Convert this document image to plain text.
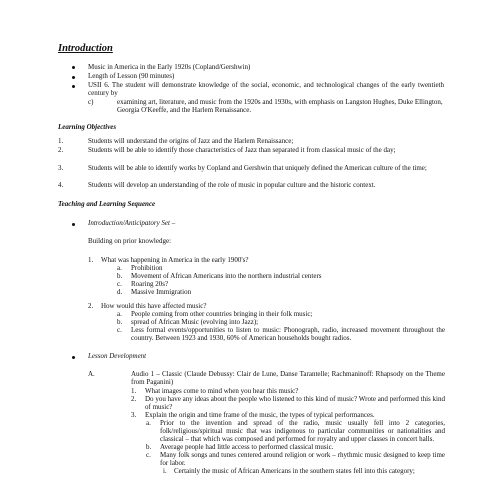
Introduction
Music in America in the Early 1920s (Copland/Gershwin)
Length of Lesson (90 minutes)
USII 6. The student will demonstrate knowledge of the social, economic, and technological changes of the early twentieth century by
c)	examining art, literature, and music from the 1920s and 1930s, with emphasis on Langston Hughes, Duke Ellington, Georgia O'Keeffe, and the Harlem Renaissance.
Learning Objectives
1.	Students will understand the origins of Jazz and the Harlem Renaissance;
2.	Students will be able to identify those characteristics of Jazz than separated it from classical music of the day;
3.	Students will be able to identify works by Copland and Gershwin that uniquely defined the American culture of the time;
4.	Students will develop an understanding of the role of music in popular culture and the historic context.
Teaching and Learning Sequence
Introduction/Anticipatory Set –
Building on prior knowledge:
1. What was happening in America in the early 1900's?
a. Prohibition
b. Movement of African Americans into the northern industrial centers
c. Roaring 20s?
d. Massive Immigration
2. How would this have affected music?
a. People coming from other countries bringing in their folk music;
b. spread of African Music (evolving into Jazz);
c. Less formal events/opportunities to listen to music: Phonograph, radio, increased movement throughout the country. Between 1923 and 1930, 60% of American households bought radios.
Lesson Development
A.	Audio 1 – Classic (Claude Debussy: Clair de Lune, Danse Tarantelle; Rachmaninoff: Rhapsody on the Theme from Paganini)
1. What images come to mind when you hear this music?
2. Do you have any ideas about the people who listened to this kind of music? Wrote and performed this kind of music?
3. Explain the origin and time frame of the music, the types of typical performances.
a. Prior to the invention and spread of the radio, music usually fell into 2 categories, folk/religious/spiritual music that was indigenous to particular communities or nationalities and classical – that which was composed and performed for royalty and upper classes in concert halls.
b. Average people had little access to performed classical music.
c. Many folk songs and tunes centered around religion or work – rhythmic music designed to keep time for labor.
i. Certainly the music of African Americans in the southern states fell into this category;
